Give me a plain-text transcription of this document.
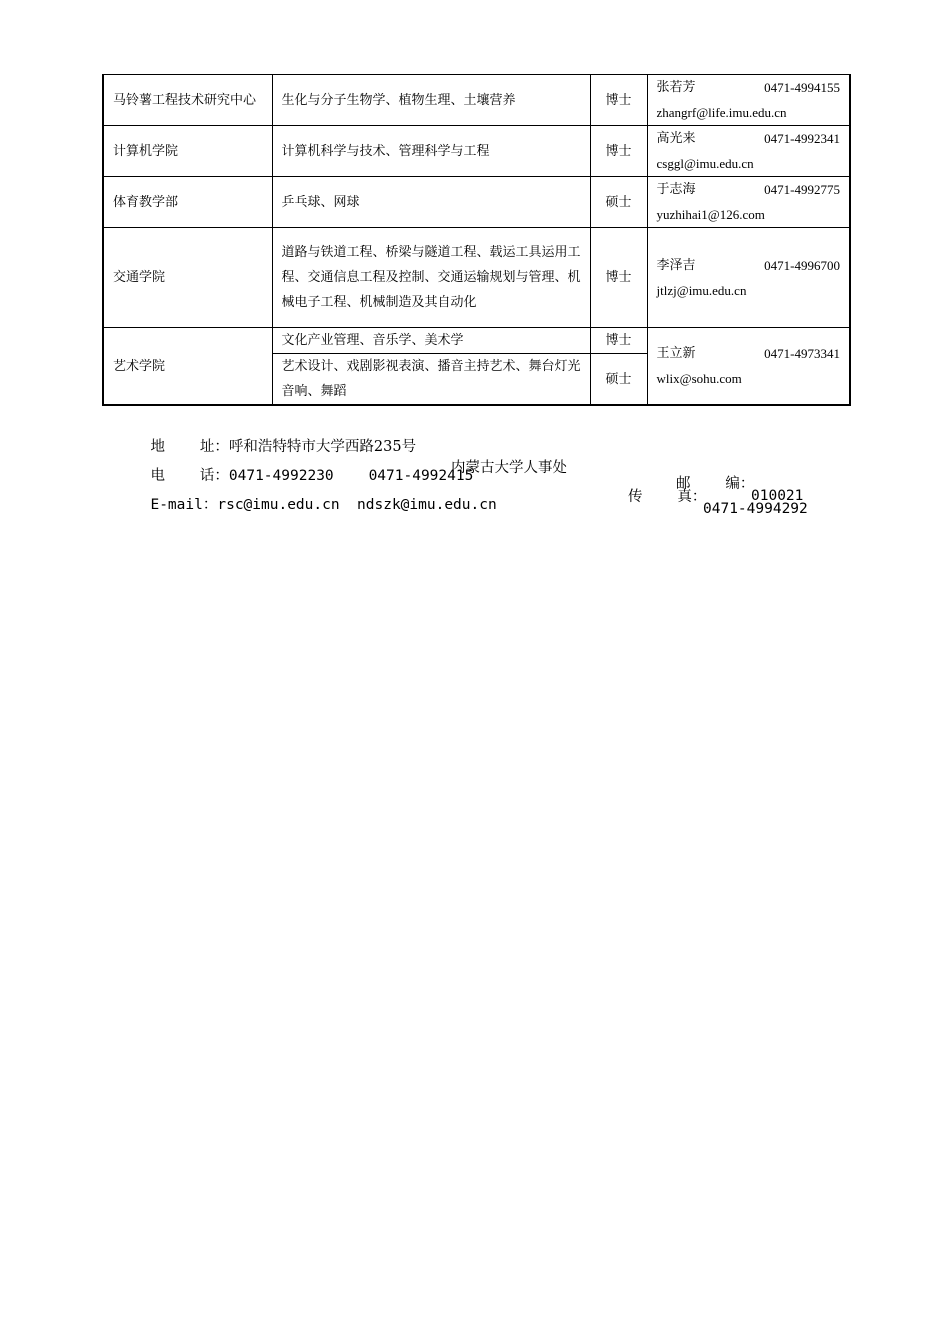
马铃薯工程技术研究中心	生化与分子生物学、植物生理、土壤营养	博士	张若芳 0471-4994155
zhangrf@life.imu.edu.cn

计算机学院	计算机科学与技术、管理科学与工程	博士	高光来 0471-4992341
csggl@imu.edu.cn

体育教学部	乒乓球、网球	硕士	于志海 0471-4992775
yuzhihai1@126.com

交通学院	道路与铁道工程、桥梁与隧道工程、载运工具运用工程、交通信息工程及控制、交通运输规划与管理、机械电子工程、机械制造及其自动化	博士	李泽吉 0471-4996700
jtlzj@imu.edu.cn

艺术学院	文化产业管理、音乐学、美术学	博士	王立新 0471-4973341
wlix@sohu.com

	艺术设计、戏剧影视表演、播音主持艺术、舞台灯光音响、舞蹈	硕士	

地    址：呼和浩特特市大学西路235号

内蒙古大学人事处

邮    编：

010021

电    话：0471-4992230    0471-4992415

传    真：

0471-4994292

E-mail：rsc@imu.edu.cn  ndszk@imu.edu.cn
